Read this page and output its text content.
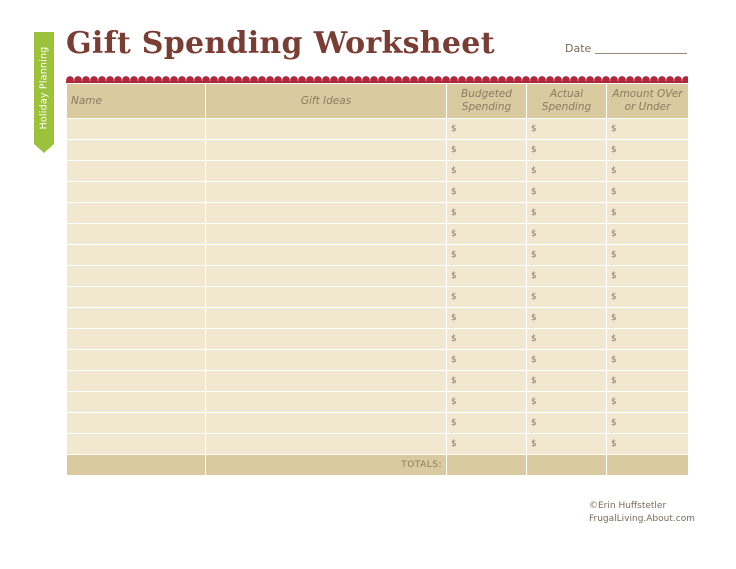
Holiday Planning
Gift Spending Worksheet	Date
Name	Gift Ideas	Budgeted Spending	Actual Spending	Amount OVer or Under

		$	$	$
		$	$	$
		$	$	$
		$	$	$
		$	$	$
		$	$	$
		$	$	$
		$	$	$
		$	$	$
		$	$	$
		$	$	$
		$	$	$
		$	$	$
		$	$	$
		$	$	$
		$	$	$
	TOTALS:			
©Erin Huffstetler
FrugalLiving.About.com
